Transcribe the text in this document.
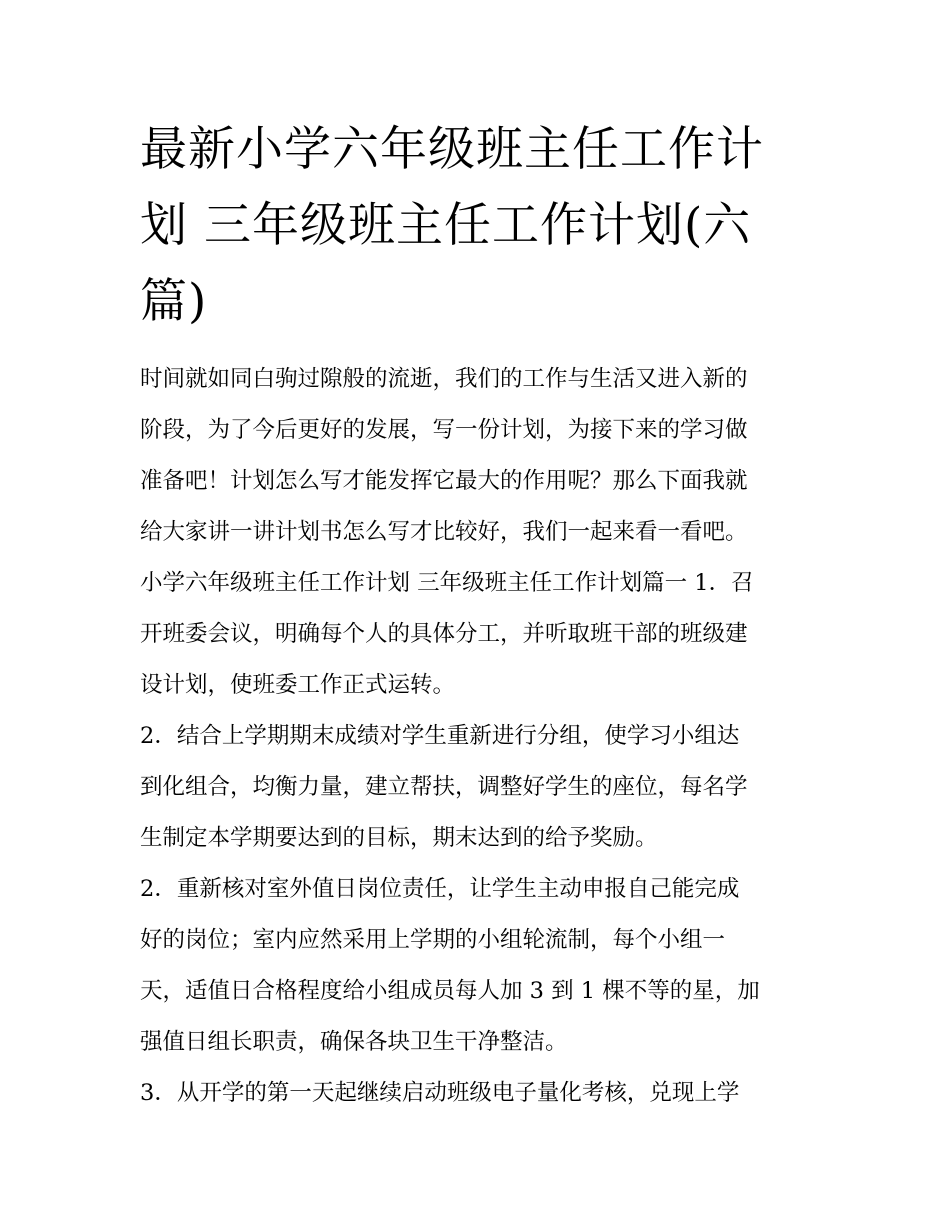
最新小学六年级班主任工作计
划 三年级班主任工作计划(六
篇)

时间就如同白驹过隙般的流逝，我们的工作与生活又进入新的
阶段，为了今后更好的发展，写一份计划，为接下来的学习做
准备吧！计划怎么写才能发挥它最大的作用呢？那么下面我就
给大家讲一讲计划书怎么写才比较好，我们一起来看一看吧。
小学六年级班主任工作计划 三年级班主任工作计划篇一 1．召
开班委会议，明确每个人的具体分工，并听取班干部的班级建
设计划，使班委工作正式运转。

2．结合上学期期末成绩对学生重新进行分组，使学习小组达
到化组合，均衡力量，建立帮扶，调整好学生的座位，每名学
生制定本学期要达到的目标，期末达到的给予奖励。

2．重新核对室外值日岗位责任，让学生主动申报自己能完成
好的岗位；室内应然采用上学期的小组轮流制，每个小组一
天，适值日合格程度给小组成员每人加 3 到 1 棵不等的星，加
强值日组长职责，确保各块卫生干净整洁。

3．从开学的第一天起继续启动班级电子量化考核，兑现上学
